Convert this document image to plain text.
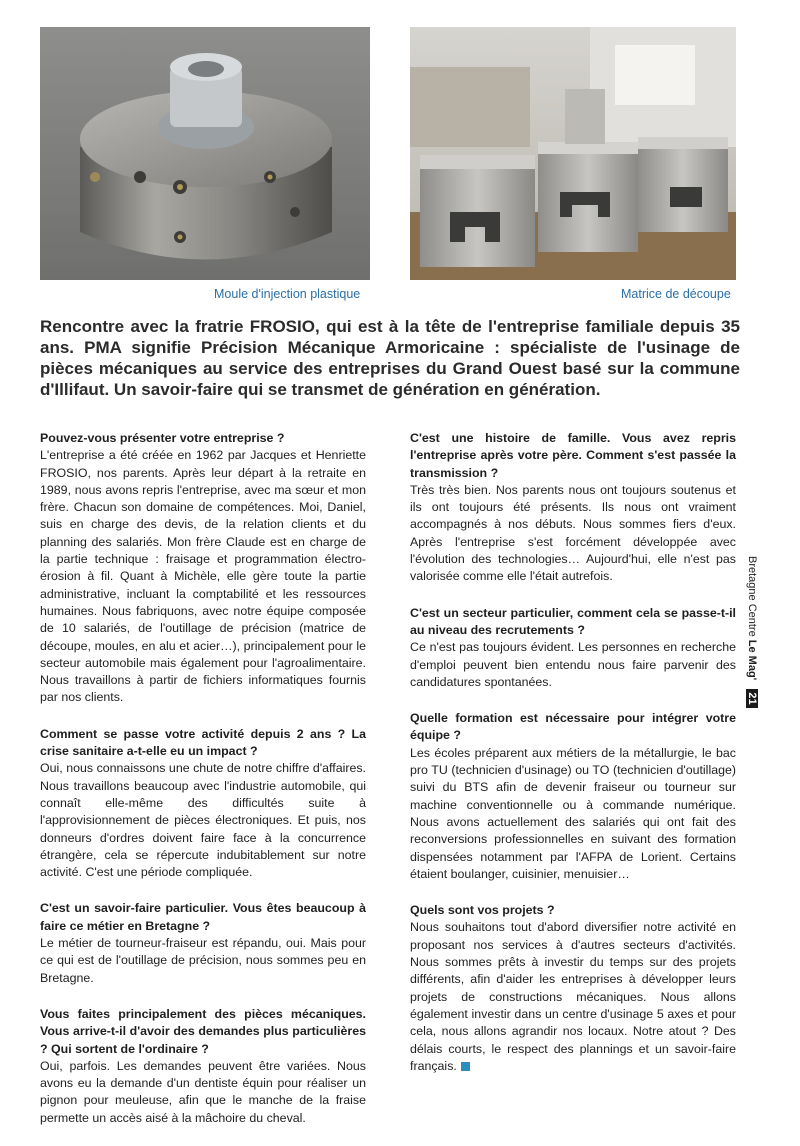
Moule d'injection plastique	Matrice de découpe
Rencontre avec la fratrie FROSIO, qui est à la tête de l'entreprise familiale depuis 35 ans. PMA signifie Précision Mécanique Armoricaine : spécialiste de l'usinage de pièces mécaniques au service des entreprises du Grand Ouest basé sur la commune d'Illifaut. Un savoir-faire qui se transmet de génération en génération.

Pouvez-vous présenter votre entreprise ?

L'entreprise a été créée en 1962 par Jacques et Henriette FROSIO, nos parents. Après leur départ à la retraite en 1989, nous avons repris l'entreprise, avec ma sœur et mon frère. Chacun son domaine de compétences. Moi, Daniel, suis en charge des devis, de la relation clients et du planning des salariés. Mon frère Claude est en charge de la partie technique : fraisage et programmation électro-érosion à fil. Quant à Michèle, elle gère toute la partie administrative, incluant la comptabilité et les ressources humaines. Nous fabriquons, avec notre équipe composée de 10 salariés, de l'outillage de précision (matrice de découpe, moules, en alu et acier…), principalement pour le secteur automobile mais également pour l'agroalimentaire. Nous travaillons à partir de fichiers informatiques fournis par nos clients.

Comment se passe votre activité depuis 2 ans ? La crise sanitaire a-t-elle eu un impact ?

Oui, nous connaissons une chute de notre chiffre d'affaires. Nous travaillons beaucoup avec l'industrie automobile, qui connaît elle-même des difficultés suite à l'approvisionnement de pièces électroniques. Et puis, nos donneurs d'ordres doivent faire face à la concurrence étrangère, cela se répercute indubitablement sur notre activité. C'est une période compliquée.

C'est un savoir-faire particulier. Vous êtes beaucoup à faire ce métier en Bretagne ?

Le métier de tourneur-fraiseur est répandu, oui. Mais pour ce qui est de l'outillage de précision, nous sommes peu en Bretagne.

Vous faites principalement des pièces mécaniques. Vous arrive-t-il d'avoir des demandes plus particulières ? Qui sortent de l'ordinaire ?

Oui, parfois. Les demandes peuvent être variées. Nous avons eu la demande d'un dentiste équin pour réaliser un pignon pour meuleuse, afin que le manche de la fraise permette un accès aisé à la mâchoire du cheval.

C'est une histoire de famille. Vous avez repris l'entreprise après votre père. Comment s'est passée la transmission ?

Très très bien. Nos parents nous ont toujours soutenus et ils ont toujours été présents. Ils nous ont vraiment accompagnés à nos débuts. Nous sommes fiers d'eux. Après l'entreprise s'est forcément développée avec l'évolution des technologies… Aujourd'hui, elle n'est pas valorisée comme elle l'était autrefois.

C'est un secteur particulier, comment cela se passe-t-il au niveau des recrutements ?

Ce n'est pas toujours évident. Les personnes en recherche d'emploi peuvent bien entendu nous faire parvenir des candidatures spontanées.

Quelle formation est nécessaire pour intégrer votre équipe ?

Les écoles préparent aux métiers de la métallurgie, le bac pro TU (technicien d'usinage) ou TO (technicien d'outillage) suivi du BTS afin de devenir fraiseur ou tourneur sur machine conventionnelle ou à commande numérique. Nous avons actuellement des salariés qui ont fait des reconversions professionnelles en suivant des formation dispensées notamment par l'AFPA de Lorient. Certains étaient boulanger, cuisinier, menuisier…

Quels sont vos projets ?

Nous souhaitons tout d'abord diversifier notre activité en proposant nos services à d'autres secteurs d'activités. Nous sommes prêts à investir du temps sur des projets différents, afin d'aider les entreprises à développer leurs projets de constructions mécaniques. Nous allons également investir dans un centre d'usinage 5 axes et pour cela, nous allons agrandir nos locaux. Notre atout ? Des délais courts, le respect des plannings et un savoir-faire français.

Bretagne Centre Le Mag' 21
